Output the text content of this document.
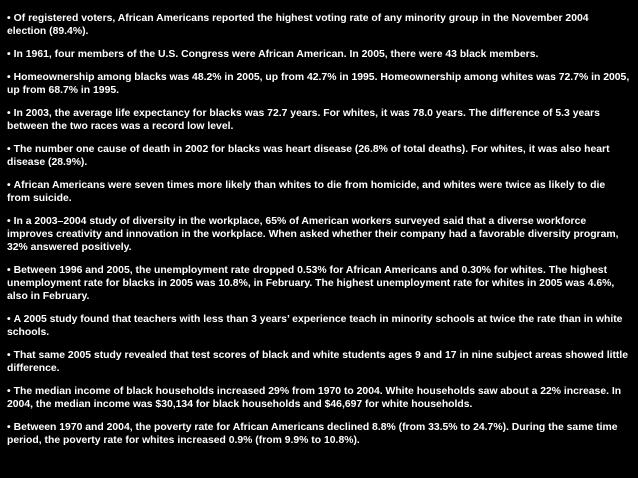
• Of registered voters, African Americans reported the highest voting rate of any minority group in the November 2004 election (89.4%).
• In 1961, four members of the U.S. Congress were African American. In 2005, there were 43 black members.
• Homeownership among blacks was 48.2% in 2005, up from 42.7% in 1995. Homeownership among whites was 72.7% in 2005, up from 68.7% in 1995.
• In 2003, the average life expectancy for blacks was 72.7 years. For whites, it was 78.0 years. The difference of 5.3 years between the two races was a record low level.
• The number one cause of death in 2002 for blacks was heart disease (26.8% of total deaths). For whites, it was also heart disease (28.9%).
• African Americans were seven times more likely than whites to die from homicide, and whites were twice as likely to die from suicide.
• In a 2003–2004 study of diversity in the workplace, 65% of American workers surveyed said that a diverse workforce improves creativity and innovation in the workplace. When asked whether their company had a favorable diversity program, 32% answered positively.
• Between 1996 and 2005, the unemployment rate dropped 0.53% for African Americans and 0.30% for whites. The highest unemployment rate for blacks in 2005 was 10.8%, in February. The highest unemployment rate for whites in 2005 was 4.6%, also in February.
• A 2005 study found that teachers with less than 3 years’ experience teach in minority schools at twice the rate than in white schools.
• That same 2005 study revealed that test scores of black and white students ages 9 and 17 in nine subject areas showed little difference.
• The median income of black households increased 29% from 1970 to 2004. White households saw about a 22% increase. In 2004, the median income was $30,134 for black households and $46,697 for white households.
• Between 1970 and 2004, the poverty rate for African Americans declined 8.8% (from 33.5% to 24.7%). During the same time period, the poverty rate for whites increased 0.9% (from 9.9% to 10.8%).
